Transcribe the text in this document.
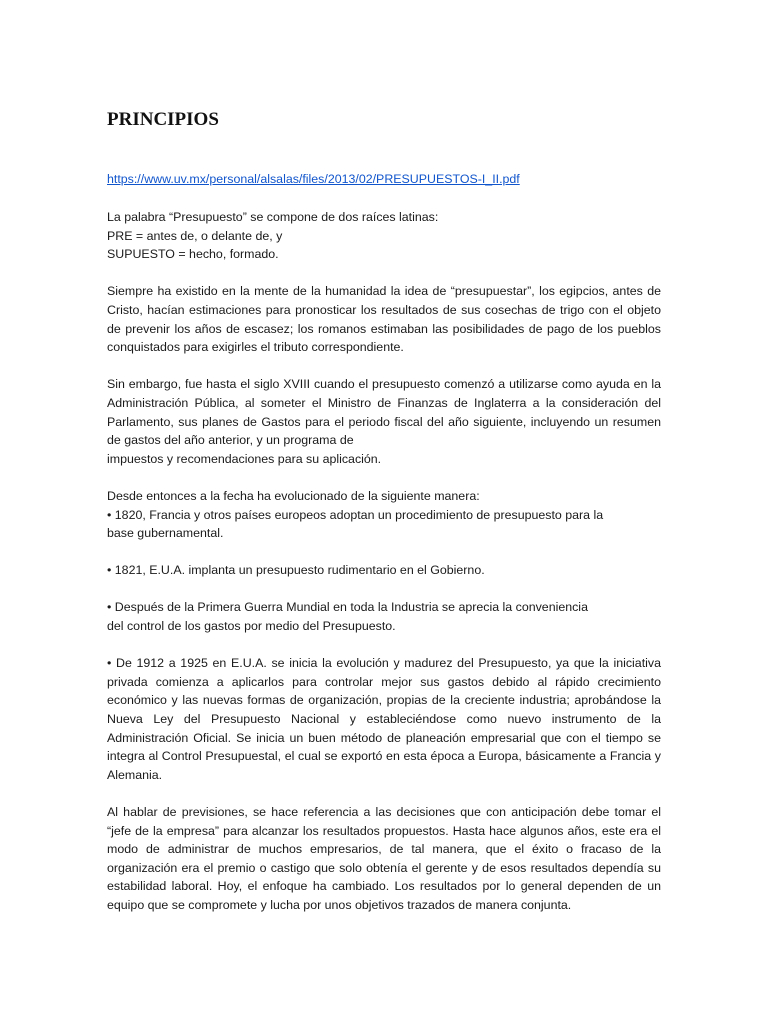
PRINCIPIOS
https://www.uv.mx/personal/alsalas/files/2013/02/PRESUPUESTOS-I_II.pdf
La palabra “Presupuesto” se compone de dos raíces latinas:
PRE = antes de, o delante de, y
SUPUESTO = hecho, formado.

Siempre ha existido en la mente de la humanidad la idea de “presupuestar”, los egipcios, antes de Cristo, hacían estimaciones para pronosticar los resultados de sus cosechas de trigo con el objeto de prevenir los años de escasez; los romanos estimaban las posibilidades de pago de los pueblos conquistados para exigirles el tributo correspondiente.

Sin embargo, fue hasta el siglo XVIII cuando el presupuesto comenzó a utilizarse como ayuda en la Administración Pública, al someter el Ministro de Finanzas de Inglaterra a la consideración del Parlamento, sus planes de Gastos para el periodo fiscal del año siguiente, incluyendo un resumen de gastos del año anterior, y un programa de
impuestos y recomendaciones para su aplicación.
Desde entonces a la fecha ha evolucionado de la siguiente manera:
• 1820, Francia y otros países europeos adoptan un procedimiento de presupuesto para la
base gubernamental.
• 1821, E.U.A. implanta un presupuesto rudimentario en el Gobierno.
• Después de la Primera Guerra Mundial en toda la Industria se aprecia la conveniencia
del control de los gastos por medio del Presupuesto.

• De 1912 a 1925 en E.U.A. se inicia la evolución y madurez del Presupuesto, ya que la iniciativa privada comienza a aplicarlos para controlar mejor sus gastos debido al rápido crecimiento económico y las nuevas formas de organización, propias de la creciente industria; aprobándose la Nueva Ley del Presupuesto Nacional y estableciéndose como nuevo instrumento de la Administración Oficial. Se inicia un buen método de planeación empresarial que con el tiempo se integra al Control Presupuestal, el cual se exportó en esta época a Europa, básicamente a Francia y Alemania.

Al hablar de previsiones, se hace referencia a las decisiones que con anticipación debe tomar el “jefe de la empresa” para alcanzar los resultados propuestos. Hasta hace algunos años, este era el modo de administrar de muchos empresarios, de tal manera, que el éxito o fracaso de la organización era el premio o castigo que solo obtenía el gerente y de esos resultados dependía su estabilidad laboral. Hoy, el enfoque ha cambiado. Los resultados por lo general dependen de un equipo que se compromete y lucha por unos objetivos trazados de manera conjunta.
